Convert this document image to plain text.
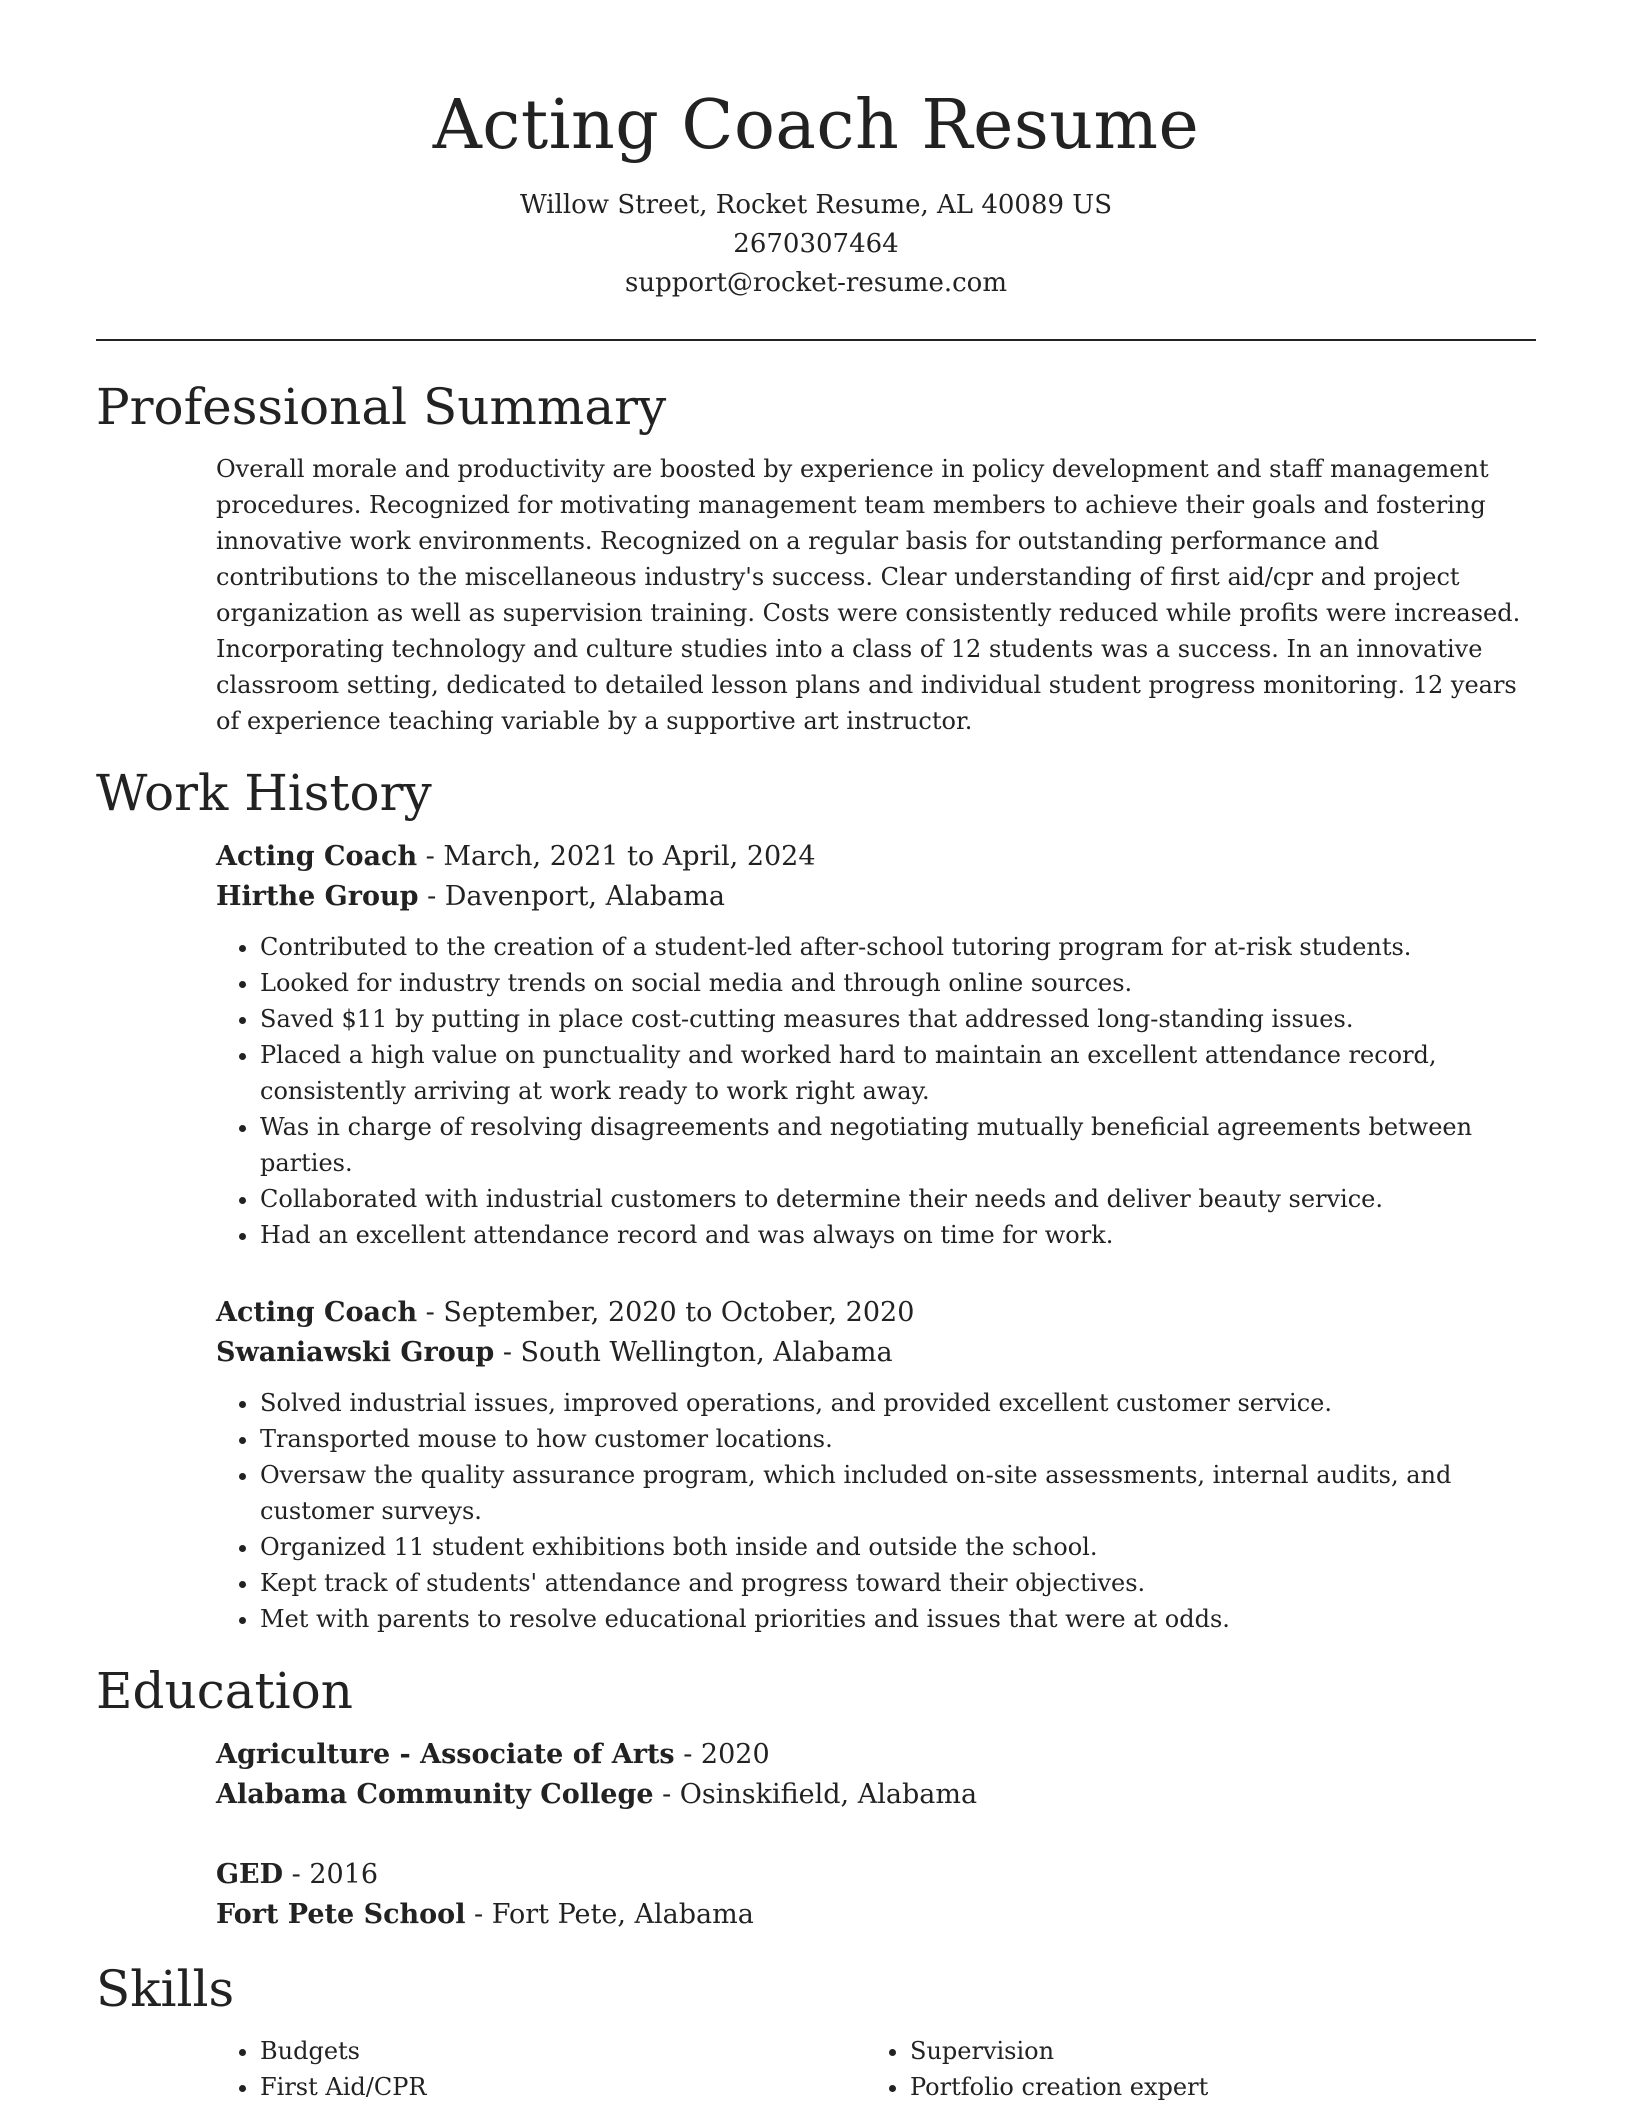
Acting Coach Resume

Willow Street, Rocket Resume, AL 40089 US

2670307464

support@rocket-resume.com

Professional Summary

Overall morale and productivity are boosted by experience in policy development and staff management procedures. Recognized for motivating management team members to achieve their goals and fostering innovative work environments. Recognized on a regular basis for outstanding performance and contributions to the miscellaneous industry's success. Clear understanding of first aid/cpr and project organization as well as supervision training. Costs were consistently reduced while profits were increased. Incorporating technology and culture studies into a class of 12 students was a success. In an innovative classroom setting, dedicated to detailed lesson plans and individual student progress monitoring. 12 years of experience teaching variable by a supportive art instructor.

Work History

Acting Coach - March, 2021 to April, 2024

Hirthe Group - Davenport, Alabama

• Contributed to the creation of a student-led after-school tutoring program for at-risk students.
• Looked for industry trends on social media and through online sources.
• Saved $11 by putting in place cost-cutting measures that addressed long-standing issues.
• Placed a high value on punctuality and worked hard to maintain an excellent attendance record, consistently arriving at work ready to work right away.
• Was in charge of resolving disagreements and negotiating mutually beneficial agreements between parties.
• Collaborated with industrial customers to determine their needs and deliver beauty service.
• Had an excellent attendance record and was always on time for work.

Acting Coach - September, 2020 to October, 2020

Swaniawski Group - South Wellington, Alabama

• Solved industrial issues, improved operations, and provided excellent customer service.
• Transported mouse to how customer locations.
• Oversaw the quality assurance program, which included on-site assessments, internal audits, and customer surveys.
• Organized 11 student exhibitions both inside and outside the school.
• Kept track of students' attendance and progress toward their objectives.
• Met with parents to resolve educational priorities and issues that were at odds.
Education

Agriculture - Associate of Arts - 2020

Alabama Community College - Osinskifield, Alabama

GED - 2016

Fort Pete School - Fort Pete, Alabama

Skills
• Budgets
• First Aid/CPR
• Supervision
• Portfolio creation expert
